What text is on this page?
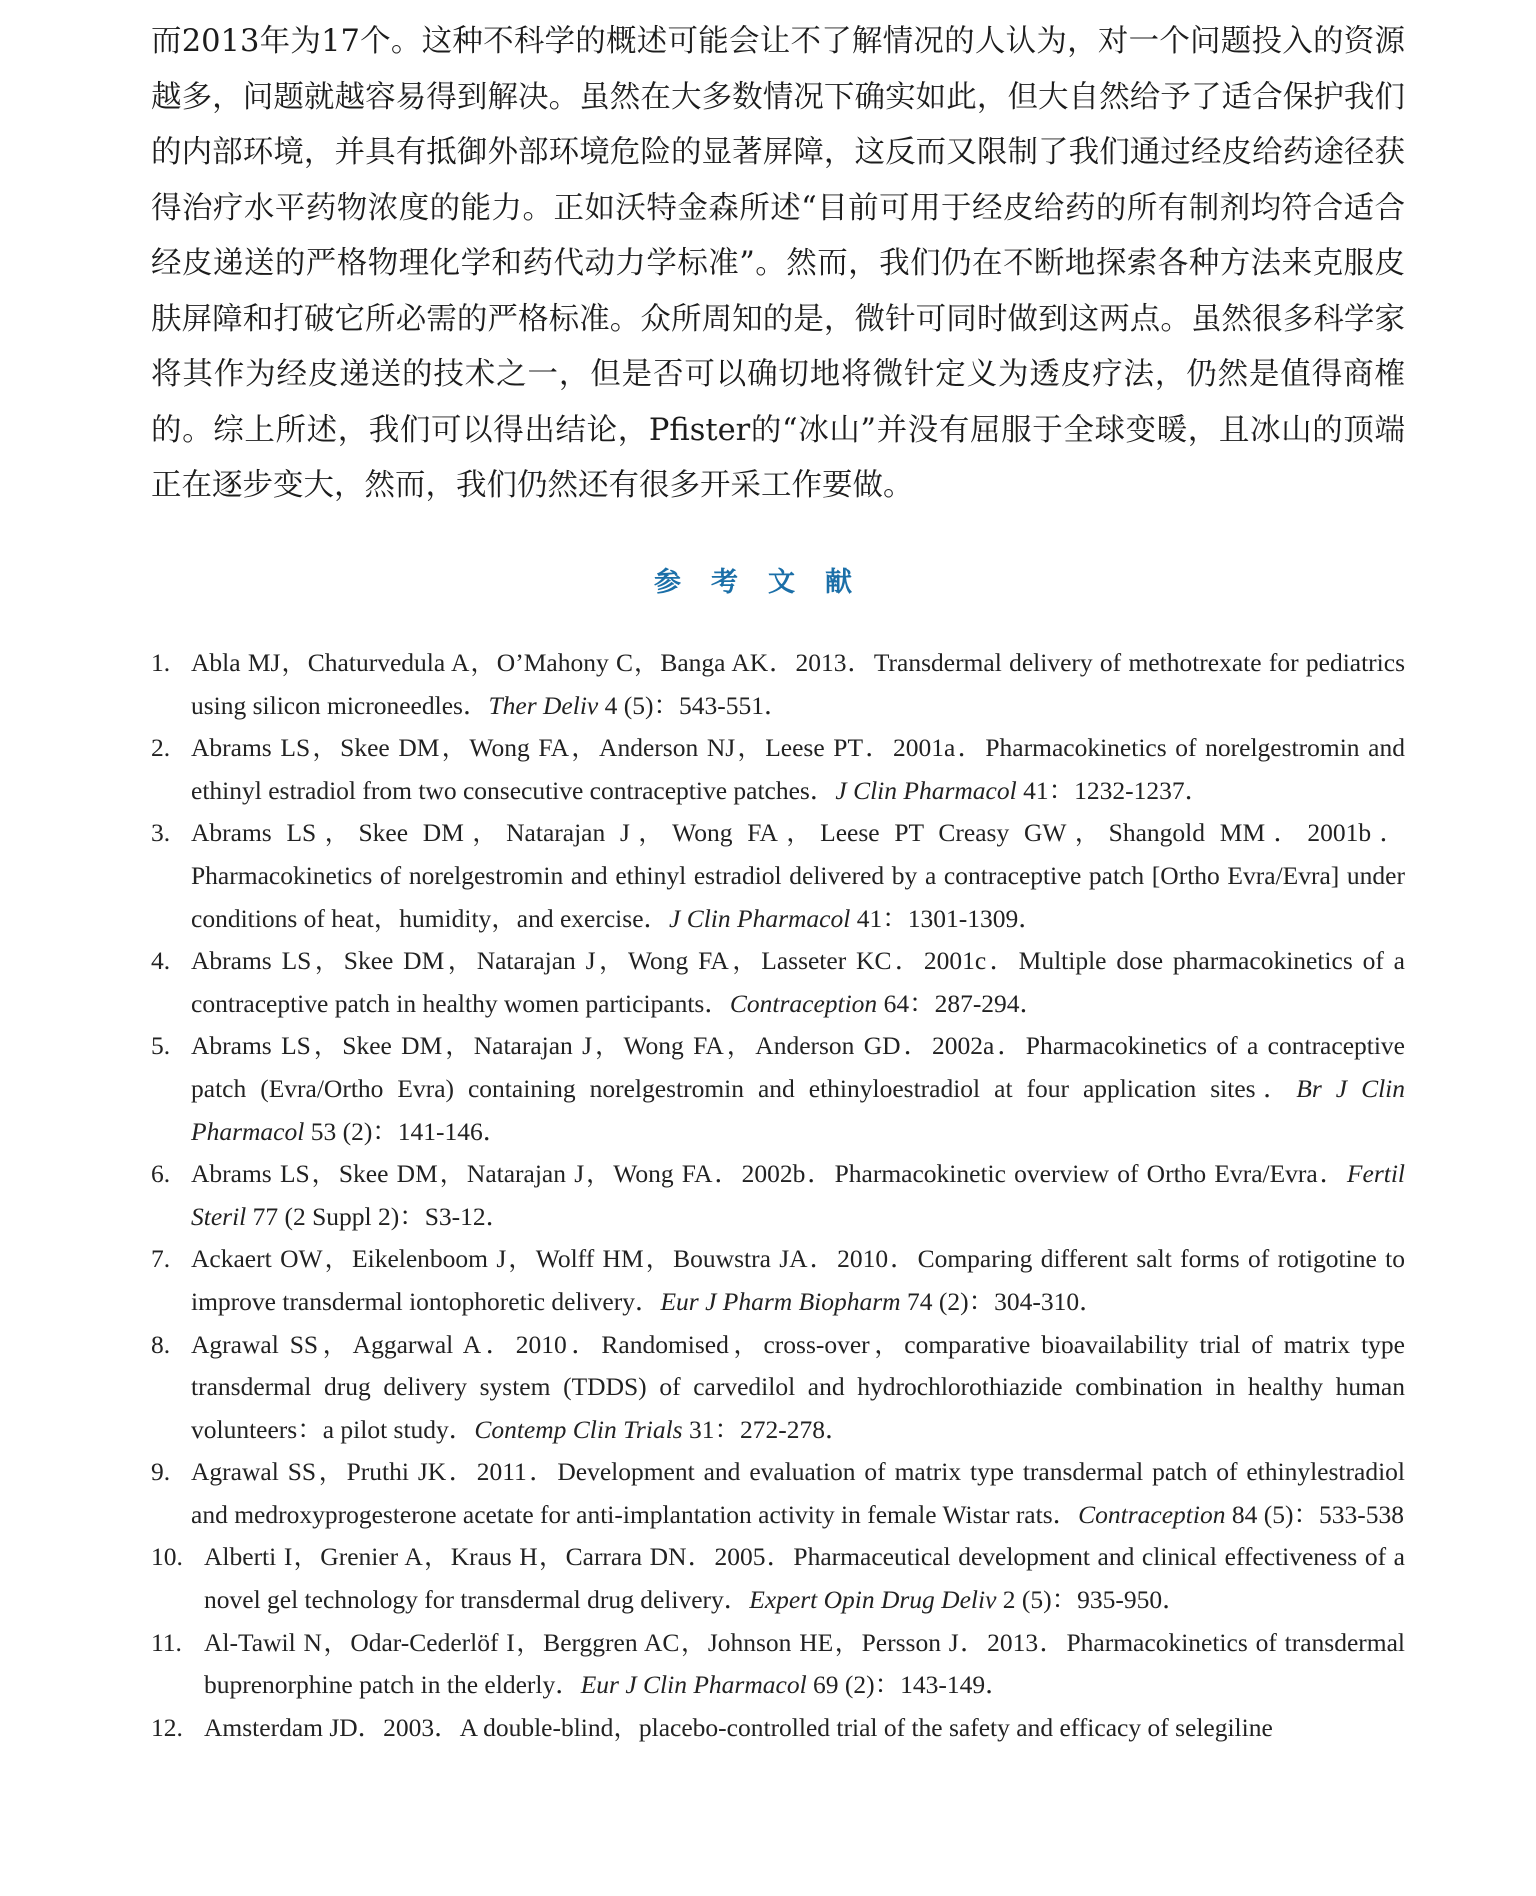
而2013年为17个。这种不科学的概述可能会让不了解情况的人认为，对一个问题投入的资源越多，问题就越容易得到解决。虽然在大多数情况下确实如此，但大自然给予了适合保护我们的内部环境，并具有抵御外部环境危险的显著屏障，这反而又限制了我们通过经皮给药途径获得治疗水平药物浓度的能力。正如沃特金森所述“目前可用于经皮给药的所有制剂均符合适合经皮递送的严格物理化学和药代动力学标准”。然而，我们仍在不断地探索各种方法来克服皮肤屏障和打破它所必需的严格标准。众所周知的是，微针可同时做到这两点。虽然很多科学家将其作为经皮递送的技术之一，但是否可以确切地将微针定义为透皮疗法，仍然是值得商榷的。综上所述，我们可以得出结论，Pfister的“冰山”并没有屈服于全球变暖，且冰山的顶端正在逐步变大，然而，我们仍然还有很多开采工作要做。

参考文献
1. Abla MJ，Chaturvedula A，O’Mahony C，Banga AK．2013．Transdermal delivery of methotrexate for pediatrics using silicon microneedles．Ther Deliv 4 (5)：543-551．
2. Abrams LS，Skee DM，Wong FA，Anderson NJ，Leese PT．2001a．Pharmacokinetics of norelgestromin and ethinyl estradiol from two consecutive contraceptive patches．J Clin Pharmacol 41：1232-1237．
3. Abrams LS，Skee DM，Natarajan J，Wong FA，Leese PT Creasy GW，Shangold MM．2001b．Pharmacokinetics of norelgestromin and ethinyl estradiol delivered by a contraceptive patch [Ortho Evra/Evra] under conditions of heat，humidity，and exercise．J Clin Pharmacol 41：1301-1309．
4. Abrams LS，Skee DM，Natarajan J，Wong FA，Lasseter KC．2001c．Multiple dose pharmacokinetics of a contraceptive patch in healthy women participants．Contraception 64：287-294．
5. Abrams LS，Skee DM，Natarajan J，Wong FA，Anderson GD．2002a．Pharmacokinetics of a contraceptive patch (Evra/Ortho Evra) containing norelgestromin and ethinyloestradiol at four application sites．Br J Clin Pharmacol 53 (2)：141-146．
6. Abrams LS，Skee DM，Natarajan J，Wong FA．2002b．Pharmacokinetic overview of Ortho Evra/Evra．Fertil Steril 77 (2 Suppl 2)：S3-12．
7. Ackaert OW，Eikelenboom J，Wolff HM，Bouwstra JA．2010．Comparing different salt forms of rotigotine to improve transdermal iontophoretic delivery．Eur J Pharm Biopharm 74 (2)：304-310．
8. Agrawal SS，Aggarwal A．2010．Randomised，cross-over，comparative bioavailability trial of matrix type transdermal drug delivery system (TDDS) of carvedilol and hydrochlorothiazide combination in healthy human volunteers：a pilot study．Contemp Clin Trials 31：272-278．
9. Agrawal SS，Pruthi JK．2011．Development and evaluation of matrix type transdermal patch of ethinylestradiol and medroxyprogesterone acetate for anti-implantation activity in female Wistar rats．Contraception 84 (5)：533-538
10. Alberti I，Grenier A，Kraus H，Carrara DN．2005．Pharmaceutical development and clinical effectiveness of a novel gel technology for transdermal drug delivery．Expert Opin Drug Deliv 2 (5)：935-950．
11. Al-Tawil N，Odar-Cederlöf I，Berggren AC，Johnson HE，Persson J．2013．Pharmacokinetics of transdermal buprenorphine patch in the elderly．Eur J Clin Pharmacol 69 (2)：143-149．
12. Amsterdam JD．2003．A double-blind，placebo-controlled trial of the safety and efficacy of selegiline
